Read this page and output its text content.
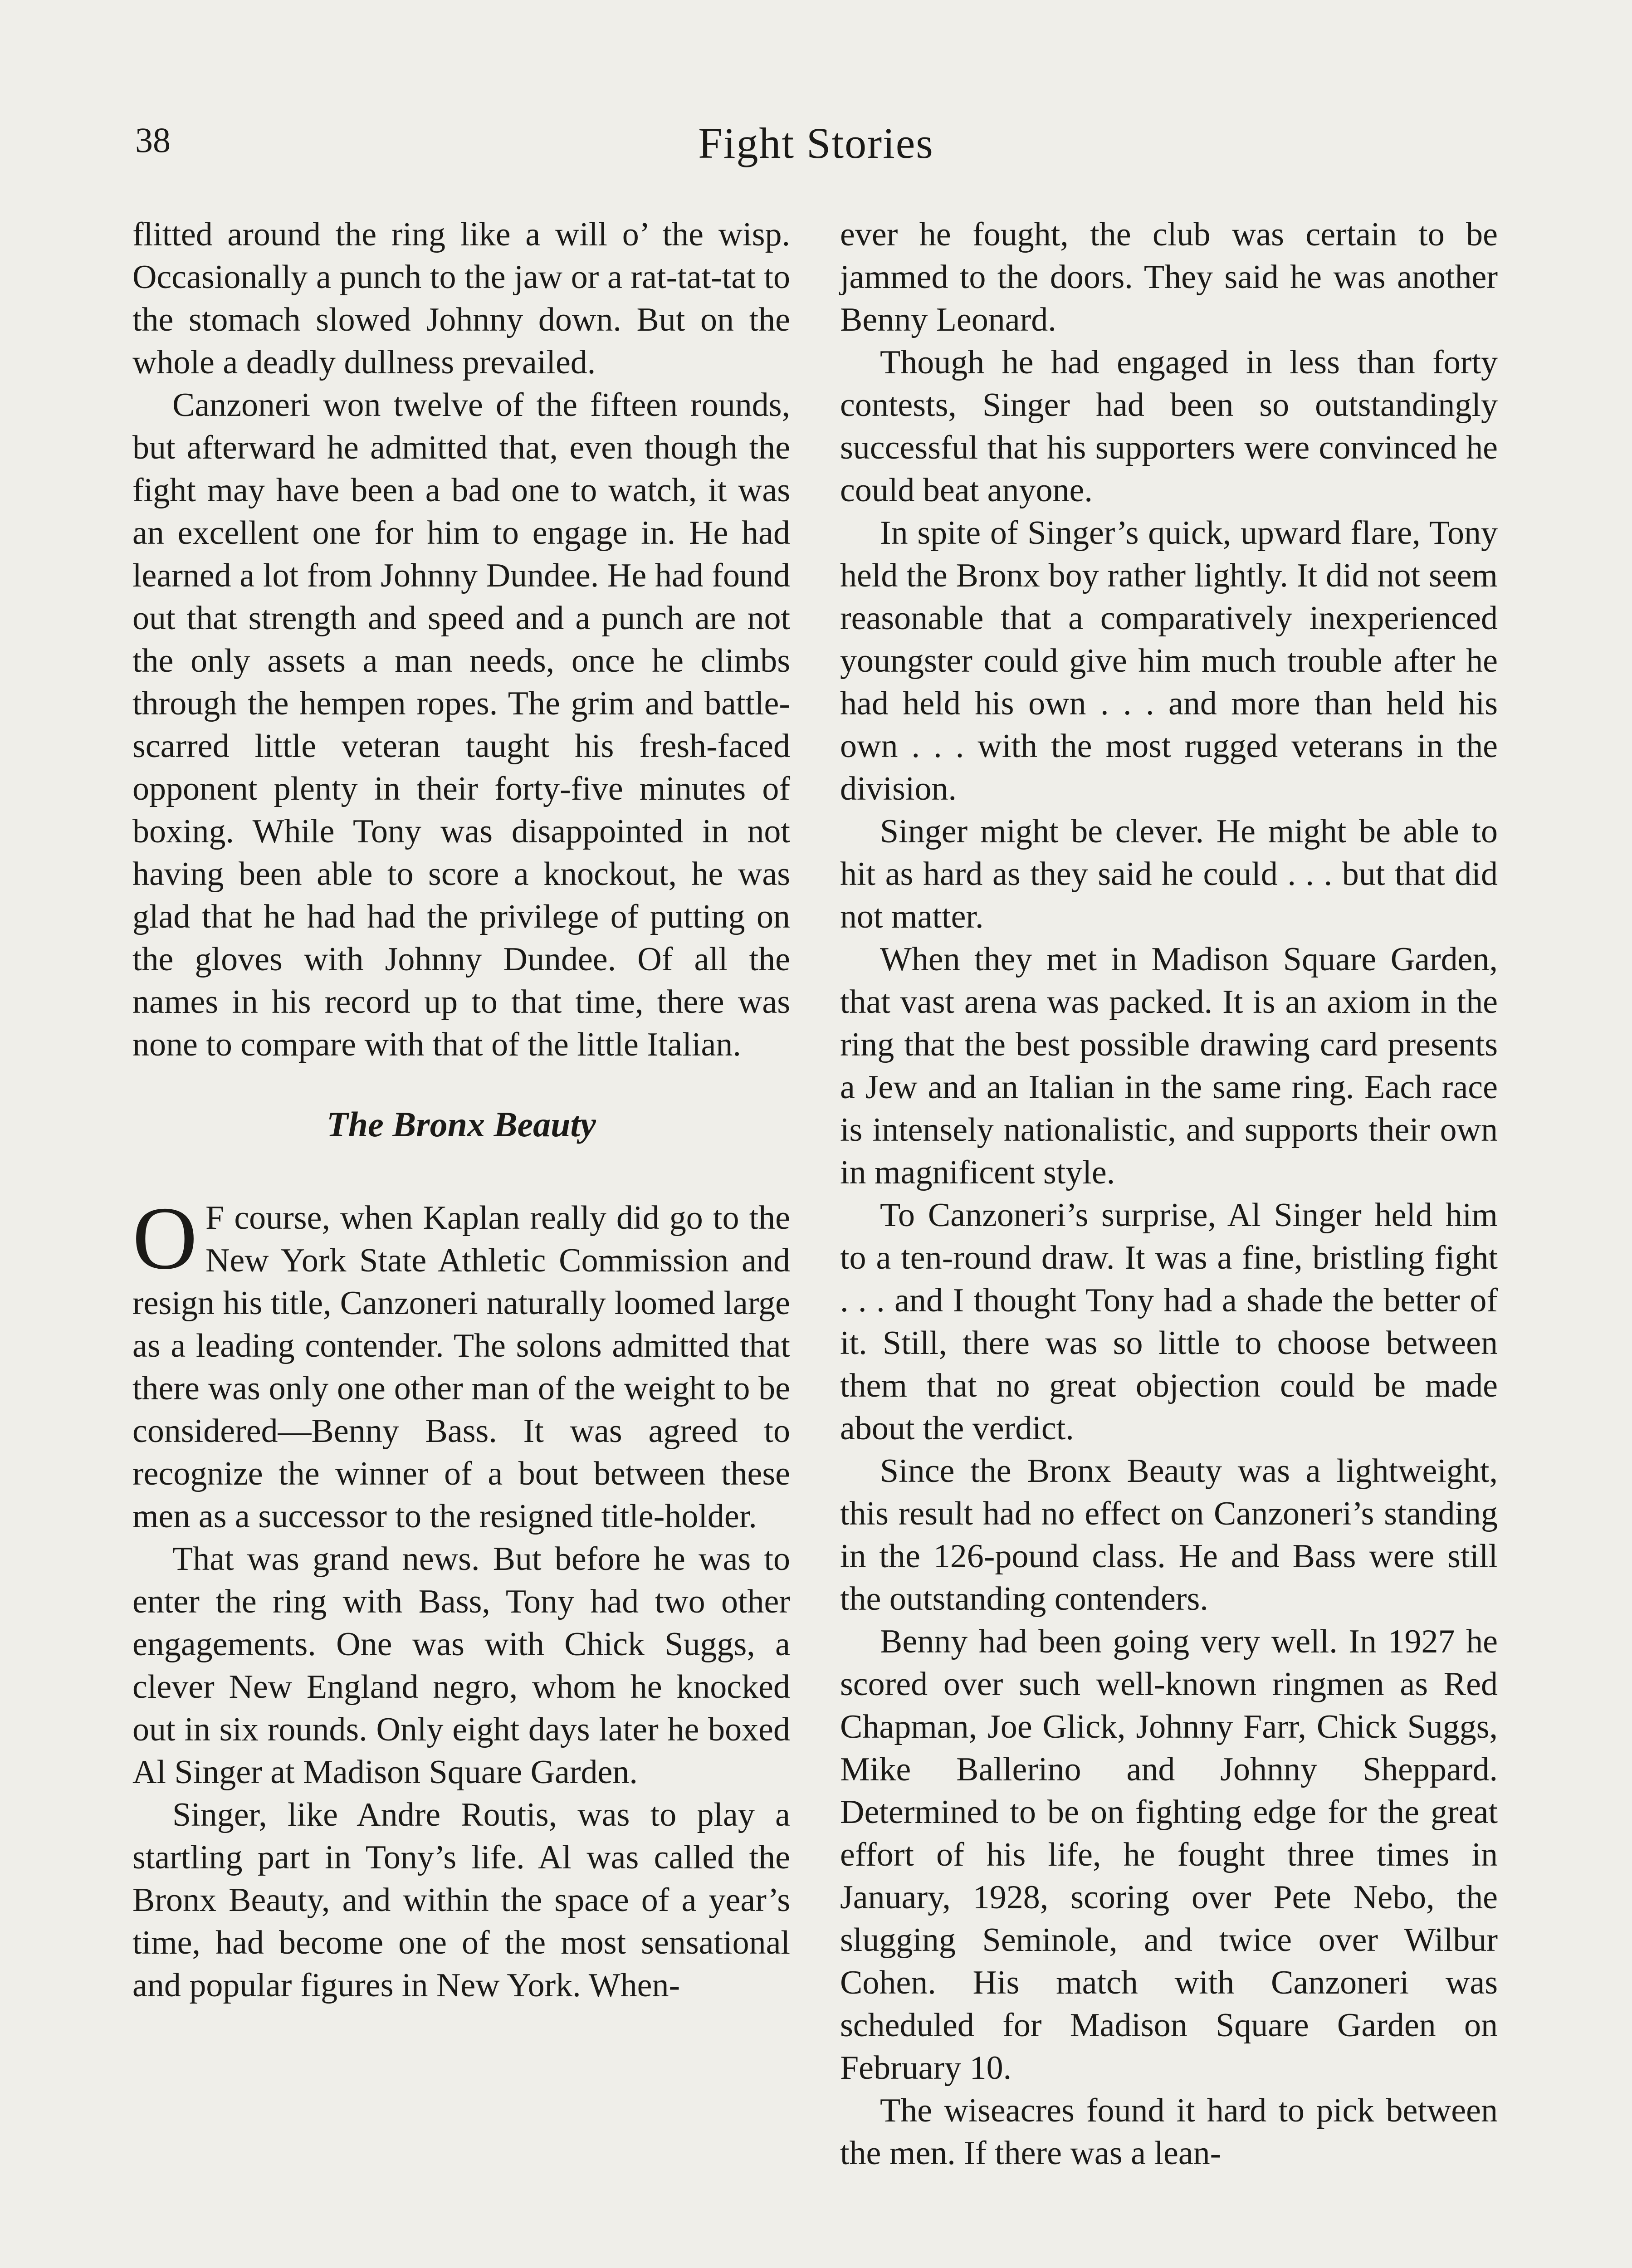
38	Fight Stories

flitted around the ring like a will o’ the wisp. Occasionally a punch to the jaw or a rat-tat-tat to the stomach slowed Johnny down. But on the whole a deadly dullness prevailed.

Canzoneri won twelve of the fifteen rounds, but afterward he admitted that, even though the fight may have been a bad one to watch, it was an excellent one for him to engage in. He had learned a lot from Johnny Dundee. He had found out that strength and speed and a punch are not the only assets a man needs, once he climbs through the hempen ropes. The grim and battle-scarred little veteran taught his fresh-faced opponent plenty in their forty-five minutes of boxing. While Tony was disappointed in not having been able to score a knockout, he was glad that he had had the privilege of putting on the gloves with Johnny Dundee. Of all the names in his record up to that time, there was none to compare with that of the little Italian.

The Bronx Beauty

O F course, when Kaplan really did go to the New York State Athletic Commission and resign his title, Canzoneri naturally loomed large as a leading contender. The solons admitted that there was only one other man of the weight to be considered—Benny Bass. It was agreed to recognize the winner of a bout between these men as a successor to the resigned title-holder.

That was grand news. But before he was to enter the ring with Bass, Tony had two other engagements. One was with Chick Suggs, a clever New England negro, whom he knocked out in six rounds. Only eight days later he boxed Al Singer at Madison Square Garden.

Singer, like Andre Routis, was to play a startling part in Tony’s life. Al was called the Bronx Beauty, and within the space of a year’s time, had become one of the most sensational and popular figures in New York. When-

ever he fought, the club was certain to be jammed to the doors. They said he was another Benny Leonard.

Though he had engaged in less than forty contests, Singer had been so outstandingly successful that his supporters were convinced he could beat anyone.

In spite of Singer’s quick, upward flare, Tony held the Bronx boy rather lightly. It did not seem reasonable that a comparatively inexperienced youngster could give him much trouble after he had held his own . . . and more than held his own . . . with the most rugged veterans in the division.

Singer might be clever. He might be able to hit as hard as they said he could . . . but that did not matter.

When they met in Madison Square Garden, that vast arena was packed. It is an axiom in the ring that the best possible drawing card presents a Jew and an Italian in the same ring. Each race is intensely nationalistic, and supports their own in magnificent style.

To Canzoneri’s surprise, Al Singer held him to a ten-round draw. It was a fine, bristling fight . . . and I thought Tony had a shade the better of it. Still, there was so little to choose between them that no great objection could be made about the verdict.

Since the Bronx Beauty was a lightweight, this result had no effect on Canzoneri’s standing in the 126-pound class. He and Bass were still the outstanding contenders.

Benny had been going very well. In 1927 he scored over such well-known ringmen as Red Chapman, Joe Glick, Johnny Farr, Chick Suggs, Mike Ballerino and Johnny Sheppard. Determined to be on fighting edge for the great effort of his life, he fought three times in January, 1928, scoring over Pete Nebo, the slugging Seminole, and twice over Wilbur Cohen. His match with Canzoneri was scheduled for Madison Square Garden on February 10.

The wiseacres found it hard to pick between the men. If there was a lean-
